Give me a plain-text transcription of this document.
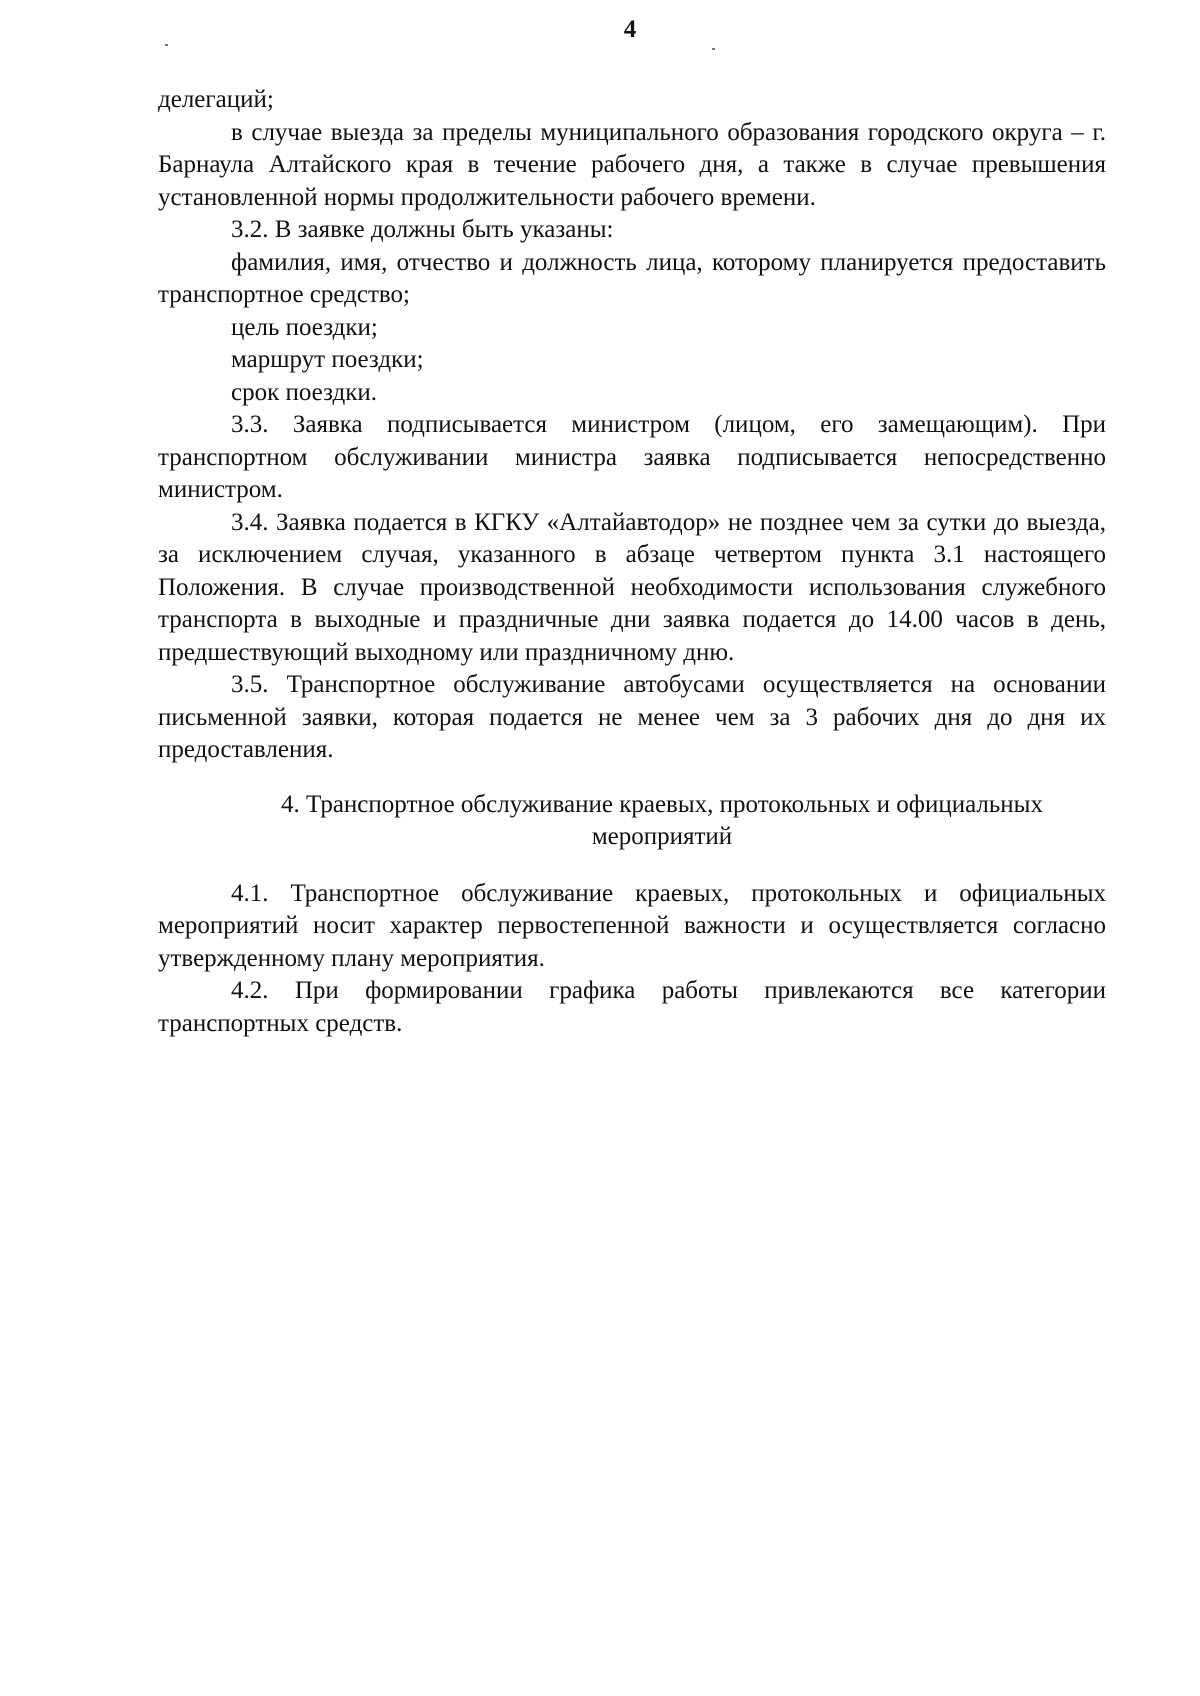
4

делегаций;

в случае выезда за пределы муниципального образования городского округа – г. Барнаула Алтайского края в течение рабочего дня, а также в случае превышения установленной нормы продолжительности рабочего времени.

3.2. В заявке должны быть указаны:

фамилия, имя, отчество и должность лица, которому планируется предоставить транспортное средство;

цель поездки;

маршрут поездки;

срок поездки.

3.3. Заявка подписывается министром (лицом, его замещающим). При транспортном обслуживании министра заявка подписывается непосредственно министром.

3.4. Заявка подается в КГКУ «Алтайавтодор» не позднее чем за сутки до выезда, за исключением случая, указанного в абзаце четвертом пункта 3.1 настоящего Положения. В случае производственной необходимости использования служебного транспорта в выходные и праздничные дни заявка подается до 14.00 часов в день, предшествующий выходному или праздничному дню.

3.5. Транспортное обслуживание автобусами осуществляется на основании письменной заявки, которая подается не менее чем за 3 рабочих дня до дня их предоставления.

4. Транспортное обслуживание краевых, протокольных и официальных
мероприятий

4.1. Транспортное обслуживание краевых, протокольных и официальных мероприятий носит характер первостепенной важности и осуществляется согласно утвержденному плану мероприятия.

4.2. При формировании графика работы привлекаются все категории транспортных средств.
